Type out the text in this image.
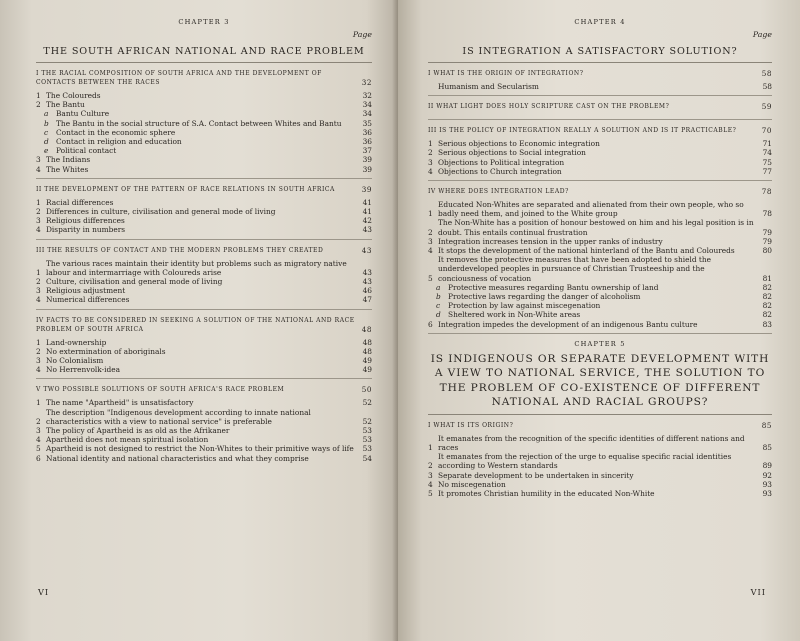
CHAPTER 3
Page
THE SOUTH AFRICAN NATIONAL AND RACE PROBLEM
I THE RACIAL COMPOSITION OF SOUTH AFRICA AND THE DEVELOPMENT OF CONTACTS BETWEEN THE RACES	32
1 The Coloureds	32
2 The Bantu	34
a	Bantu Culture	34
b The Bantu in the social structure of S.A. Contact between Whites and Bantu	35
c	Contact in the economic sphere	36
d Contact in religion and education	36
e	Political contact	37
3 The Indians	39
4 The Whites	39
II THE DEVELOPMENT OF THE PATTERN OF RACE RELATIONS IN SOUTH AFRICA	39
1 Racial differences	41
2 Differences in culture, civilisation and general mode of living	41
3 Religious differences	42
4 Disparity in numbers	43
III THE RESULTS OF CONTACT AND THE MODERN PROBLEMS THEY CREATED	43
1
The various races maintain their identity but problems such as migratory native labour and intermarriage with Coloureds arise	43
2 Culture, civilisation and general mode of living	43
3 Religious adjustment	46
4 Numerical differences	47
IV FACTS TO BE CONSIDERED IN SEEKING A SOLUTION OF THE NATIONAL AND RACE PROBLEM OF SOUTH AFRICA	48
1 Land-ownership	48
2 No extermination of aboriginals	48
3 No Colonialism	49
4 No Herrenvolk-idea	49
V TWO POSSIBLE SOLUTIONS OF SOUTH AFRICA'S RACE PROBLEM	50
1 The name "Apartheid" is unsatisfactory	52
2
The description "Indigenous development according to innate national characteristics with a view to national service" is preferable	52
3 The policy of Apartheid is as old as the Afrikaner	53
4 Apartheid does not mean spiritual isolation	53
5 Apartheid is not designed to restrict the Non-Whites to their primitive ways of life	53
6 National identity and national characteristics and what they comprise	54
VI
CHAPTER 4
Page
IS INTEGRATION A SATISFACTORY SOLUTION?
I WHAT IS THE ORIGIN OF INTEGRATION?	58
Humanism and Secularism	58
II WHAT LIGHT DOES HOLY SCRIPTURE CAST ON THE PROBLEM?	59
III IS THE POLICY OF INTEGRATION REALLY A SOLUTION AND IS IT PRACTICABLE?	70
1 Serious objections to Economic integration	71
2 Serious objections to Social integration	74
3 Objections to Political integration	75
4 Objections to Church integration	77
IV WHERE DOES INTEGRATION LEAD?	78
1
Educated Non-Whites are separated and alienated from their own people, who so badly need them, and joined to the White group	78
2
The Non-White has a position of honour bestowed on him and his legal position is in doubt. This entails continual frustration	79
3 Integration increases tension in the upper ranks of industry	79
4 It stops the development of the national hinterland of the Bantu and Coloureds	80
5
It removes the protective measures that have been adopted to shield the underdeveloped peoples in pursuance of Christian Trusteeship and the conciousness of vocation	81
a	Protective measures regarding Bantu ownership of land	82
b Protective laws regarding the danger of alcoholism	82
c	Protection by law against miscegenation	82
d Sheltered work in Non-White areas	82
6 Integration impedes the development of an indigenous Bantu culture	83
CHAPTER 5
IS INDIGENOUS OR SEPARATE DEVELOPMENT WITH A VIEW TO NATIONAL SERVICE, THE SOLUTION TO THE PROBLEM OF CO-EXISTENCE OF DIFFERENT NATIONAL AND RACIAL GROUPS?
I WHAT IS ITS ORIGIN?	85
1
It emanates from the recognition of the specific identities of different nations and races	85
2
It emanates from the rejection of the urge to equalise specific racial identities according to Western standards	89
3 Separate development to be undertaken in sincerity	92
4 No miscegenation	93
5 It promotes Christian humility in the educated Non-White	93
VII
